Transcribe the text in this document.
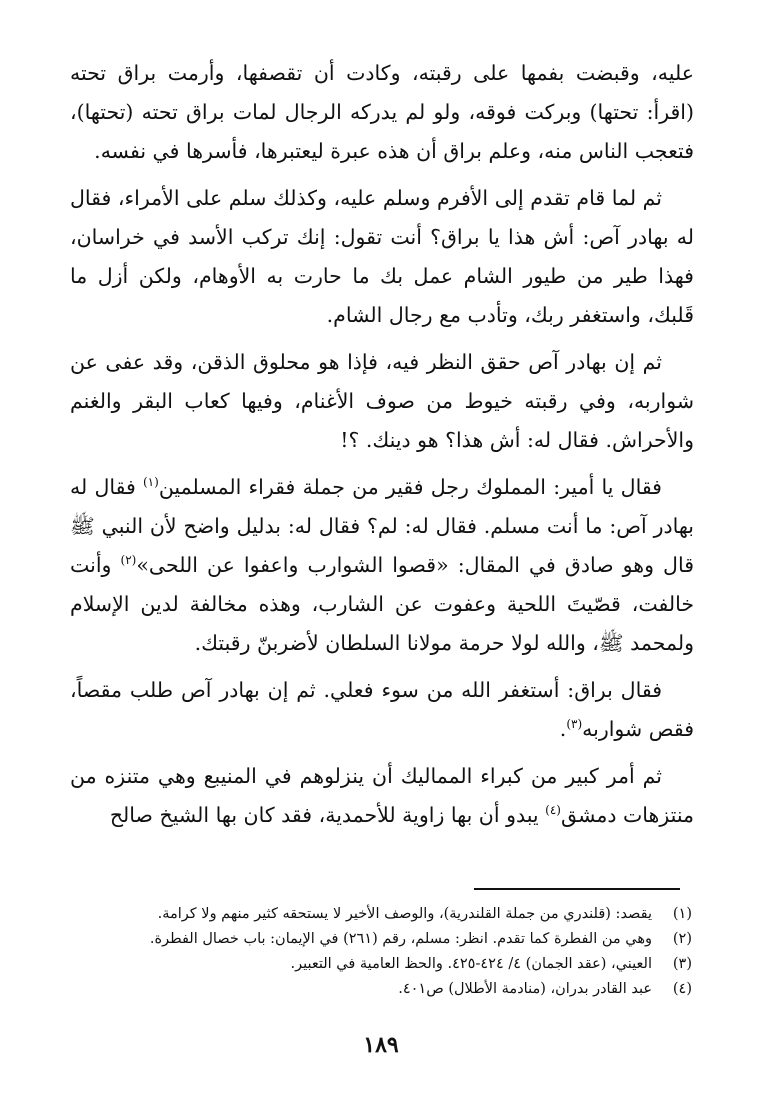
عليه، وقبضت بفمها على رقبته، وكادت أن تقصفها، وأرمت براق تحته (اقرأ: تحتها) وبركت فوقه، ولو لم يدركه الرجال لمات براق تحته (تحتها)، فتعجب الناس منه، وعلم براق أن هذه عبرة ليعتبرها، فأسرها في نفسه.

ثم لما قام تقدم إلى الأفرم وسلم عليه، وكذلك سلم على الأمراء، فقال له بهادر آص: أش هذا يا براق؟ أنت تقول: إنك تركب الأسد في خراسان، فهذا طير من طيور الشام عمل بك ما حارت به الأوهام، ولكن أزل ما قَلبك، واستغفر ربك، وتأدب مع رجال الشام.

ثم إن بهادر آص حقق النظر فيه، فإذا هو محلوق الذقن، وقد عفى عن شواربه، وفي رقبته خيوط من صوف الأغنام، وفيها كعاب البقر والغنم والأحراش. فقال له: أش هذا؟ هو دينك. ؟!

فقال يا أمير: المملوك رجل فقير من جملة فقراء المسلمين$^{(١)}$ فقال له بهادر آص: ما أنت مسلم. فقال له: لم؟ فقال له: بدليل واضح لأن النبي ﷺ قال وهو صادق في المقال: «قصوا الشوارب واعفوا عن اللحى»$^{(٢)}$ وأنت خالفت، قصّيتَ اللحية وعفوت عن الشارب، وهذه مخالفة لدين الإسلام ولمحمد ﷺ، والله لولا حرمة مولانا السلطان لأضربنّ رقبتك.

فقال براق: أستغفر الله من سوء فعلي. ثم إن بهادر آص طلب مقصاً، فقص شواربه$^{(٣)}$.

ثم أمر كبير من كبراء المماليك أن ينزلوهم في المنيبع وهي متنزه من منتزهات دمشق$^{(٤)}$ يبدو أن بها زاوية للأحمدية، فقد كان بها الشيخ صالح

(١)
يقصد: (قلندري من جملة القلندرية)، والوصف الأخير لا يستحقه كثير منهم ولا كرامة.
(٢)
وهي من الفطرة كما تقدم. انظر: مسلم، رقم (٢٦١) في الإيمان: باب خصال الفطرة.
(٣)
العيني، (عقد الجمان) ٤/ ٤٢٤-٤٢٥. والحظ العامية في التعبير.
(٤)
عبد القادر بدران، (منادمة الأطلال) ص٤٠١.
١٨٩
